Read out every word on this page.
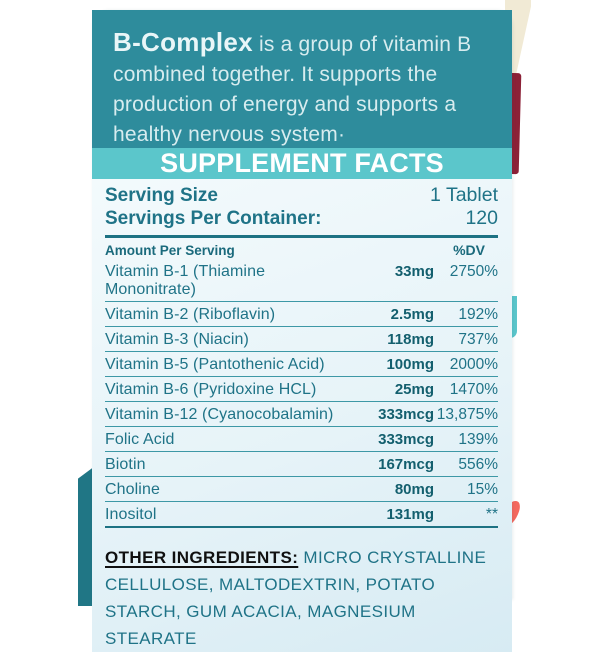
B-Complex is a group of vitamin B combined together. It supports the production of energy and supports a healthy nervous system·
SUPPLEMENT FACTS
Serving Size	1 Tablet
Servings Per Container:	120
Amount Per Serving	%DV
Vitamin B-1 (Thiamine Mononitrate)
33mg	2750%
Vitamin B-2 (Riboflavin)	2.5mg	192%
Vitamin B-3 (Niacin)	118mg	737%
Vitamin B-5 (Pantothenic Acid)	100mg	2000%
Vitamin B-6 (Pyridoxine HCL)	25mg	1470%
Vitamin B-12 (Cyanocobalamin)	333mcg 13,875%
Folic Acid	333mcg	139%
Biotin	167mcg	556%
Choline	80mg	15%
Inositol	131mg	**
OTHER INGREDIENTS: MICRO CRYSTALLINE CELLULOSE, MALTODEXTRIN, POTATO STARCH, GUM ACACIA, MAGNESIUM STEARATE
